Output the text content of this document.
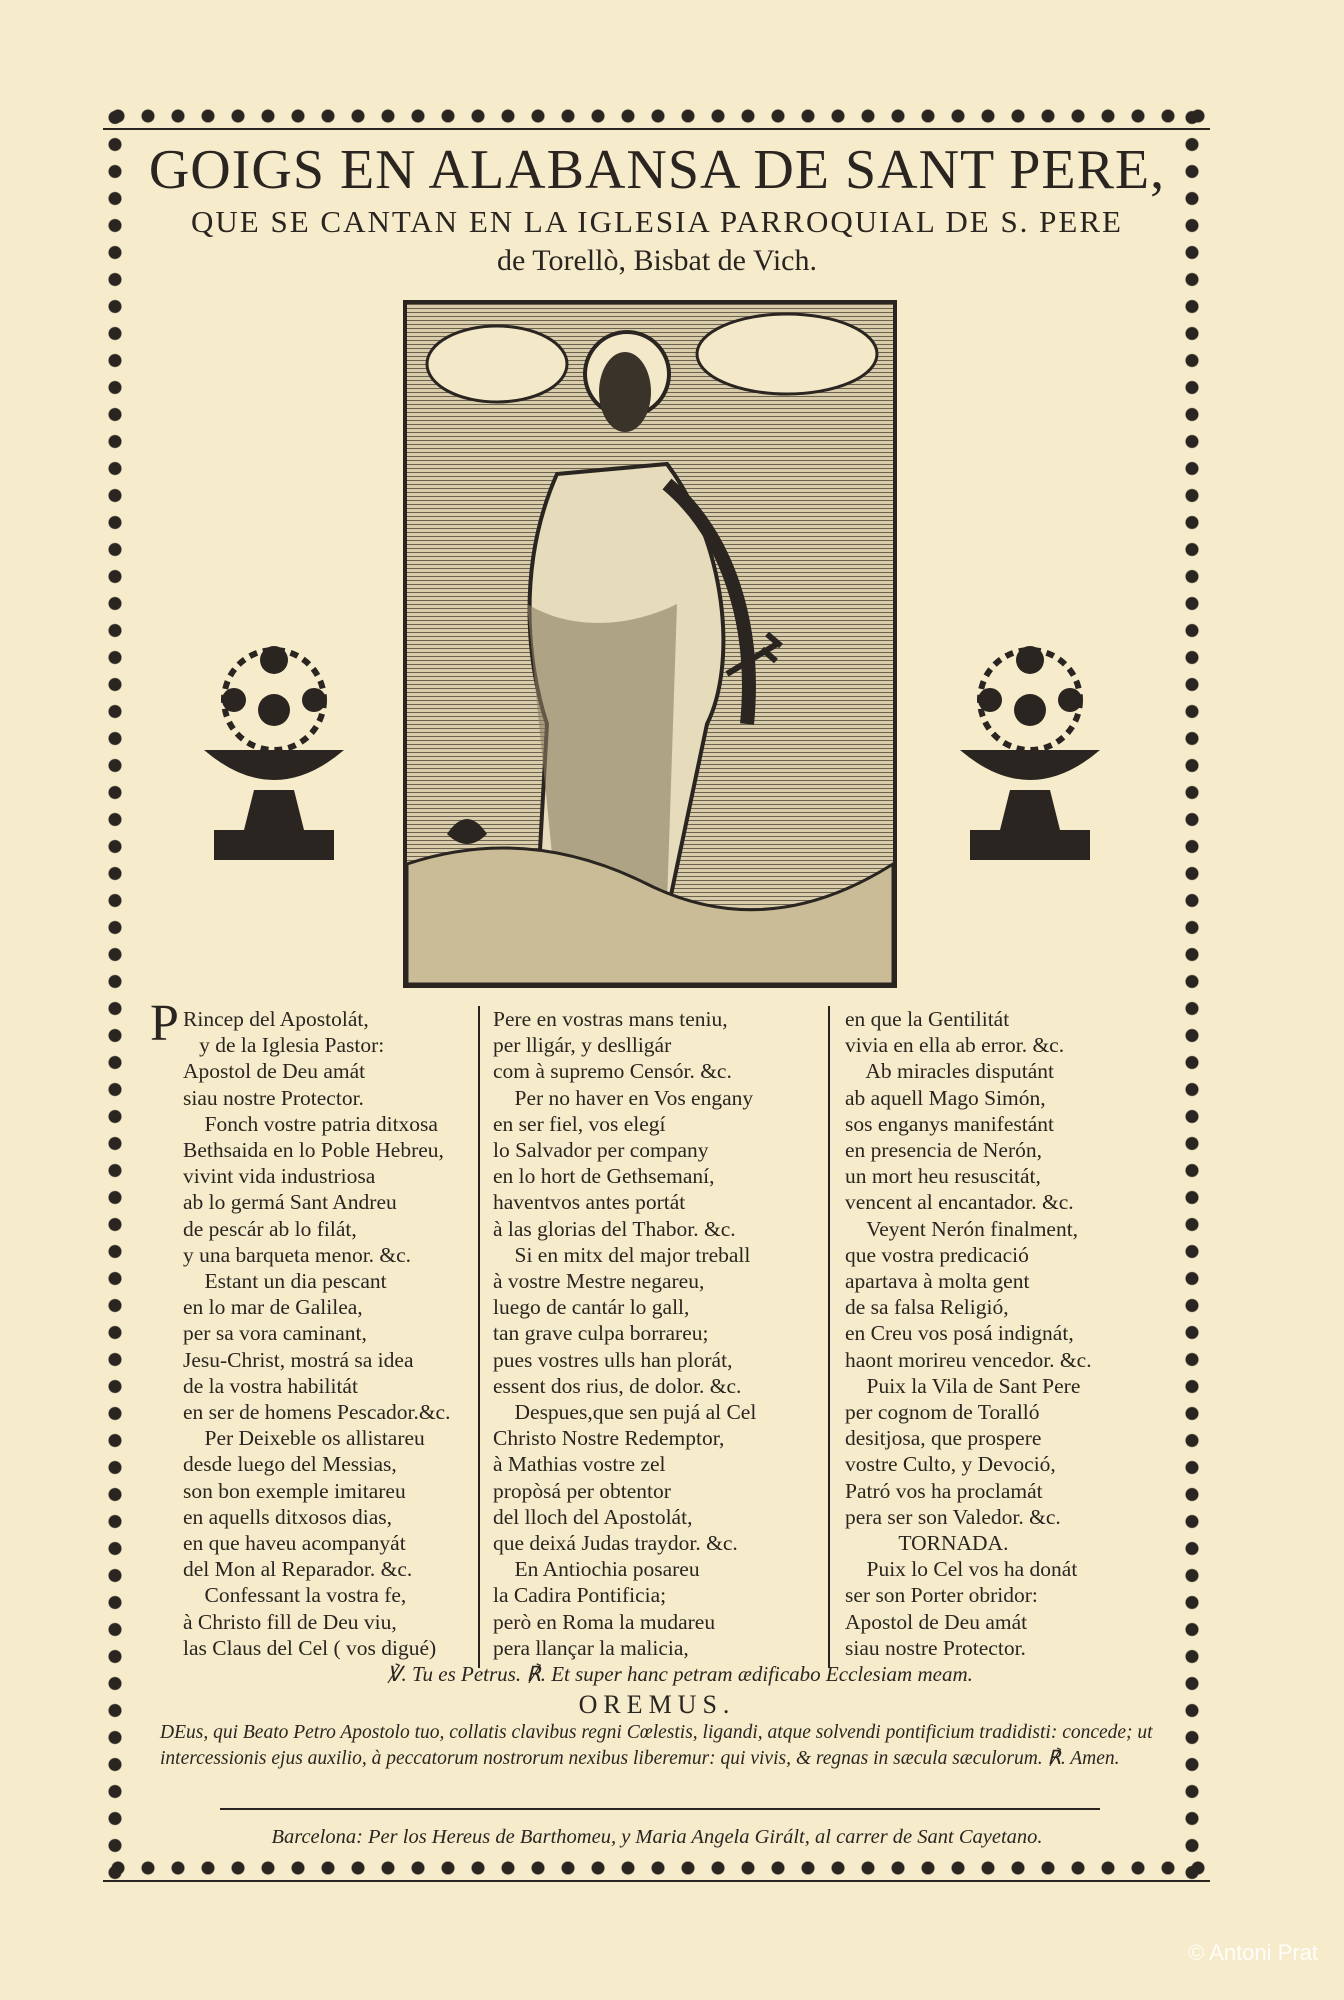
GOIGS EN ALABANSA DE SANT PERE,
QUE SE CANTAN EN LA IGLESIA PARROQUIAL DE S. PERE
de Torellò, Bisbat de Vich.
P Rincep del Apostolát,
y de la Iglesia Pastor:
Apostol de Deu amát
siau nostre Protector.
Fonch vostre patria ditxosa
Bethsaida en lo Poble Hebreu,
vivint vida industriosa
ab lo germá Sant Andreu
de pescár ab lo filát,
y una barqueta menor. &c.
Estant un dia pescant
en lo mar de Galilea,
per sa vora caminant,
Jesu-Christ, mostrá sa idea
de la vostra habilitát
en ser de homens Pescador.&c.
Per Deixeble os allistareu
desde luego del Messias,
son bon exemple imitareu
en aquells ditxosos dias,
en que haveu acompanyát
del Mon al Reparador. &c.
Confessant la vostra fe,
à Christo fill de Deu viu,
las Claus del Cel ( vos digué)
Pere en vostras mans teniu,
per lligár, y deslligár
com à supremo Censór. &c.
Per no haver en Vos engany
en ser fiel, vos elegí
lo Salvador per company
en lo hort de Gethsemaní,
haventvos antes portát
à las glorias del Thabor. &c.
Si en mitx del major treball
à vostre Mestre negareu,
luego de cantár lo gall,
tan grave culpa borrareu;
pues vostres ulls han plorát,
essent dos rius, de dolor. &c.
Despues,que sen pujá al Cel
Christo Nostre Redemptor,
à Mathias vostre zel
propòsá per obtentor
del lloch del Apostolát,
que deixá Judas traydor. &c.
En Antiochia posareu
la Cadira Pontificia;
però en Roma la mudareu
pera llançar la malicia,
en que la Gentilitát
vivia en ella ab error. &c.
Ab miracles disputánt
ab aquell Mago Simón,
sos enganys manifestánt
en presencia de Nerón,
un mort heu resuscitát,
vencent al encantador. &c.
Veyent Nerón finalment,
que vostra predicació
apartava à molta gent
de sa falsa Religió,
en Creu vos posá indignát,
haont morireu vencedor. &c.
Puix la Vila de Sant Pere
per cognom de Toralló
desitjosa, que prospere
vostre Culto, y Devoció,
Patró vos ha proclamát
pera ser son Valedor. &c.
TORNADA.
Puix lo Cel vos ha donát
ser son Porter obridor:
Apostol de Deu amát
siau nostre Protector.
℣. Tu es Petrus. ℟. Et super hanc petram ædificabo Ecclesiam meam.
OREMUS.
DEus, qui Beato Petro Apostolo tuo, collatis clavibus regni Cœlestis, ligandi, atque solvendi pontificium tradidisti: concede; ut intercessionis ejus auxilio, à peccatorum nostrorum nexibus liberemur: qui vivis, & regnas in sæcula sæculorum. ℟. Amen.
Barcelona: Per los Hereus de Barthomeu, y Maria Angela Girált, al carrer de Sant Cayetano.
© Antoni Prat
